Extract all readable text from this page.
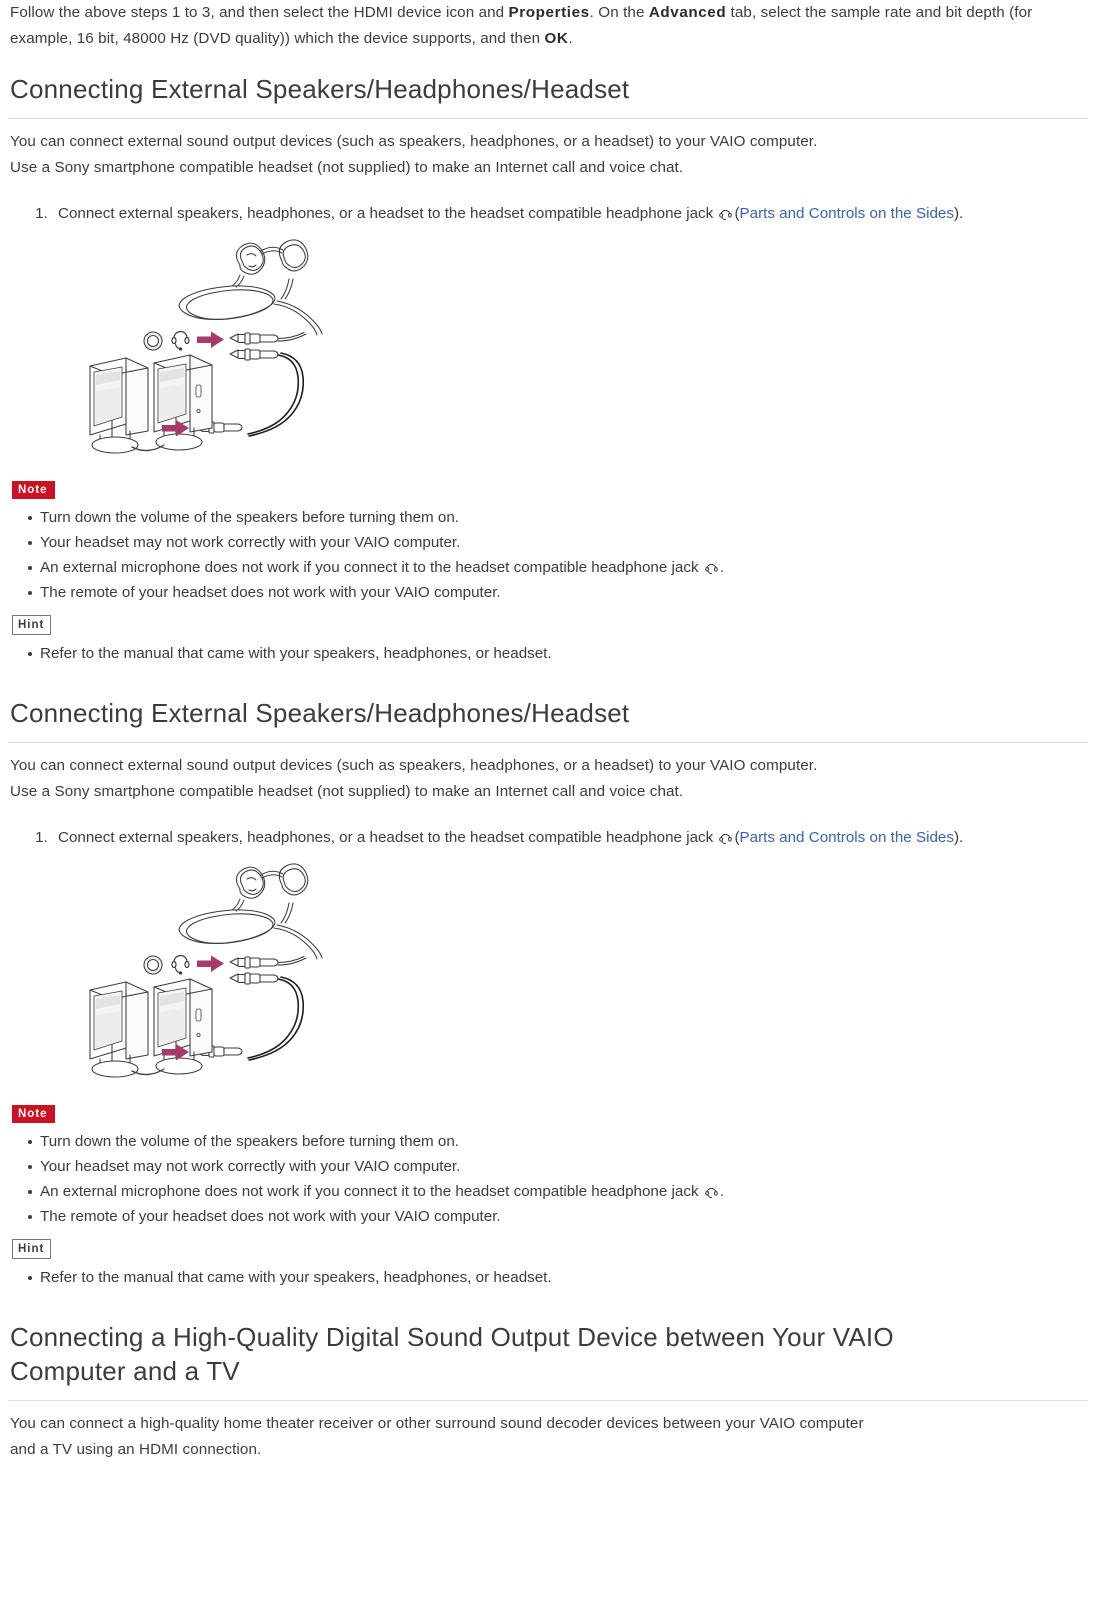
Follow the above steps 1 to 3, and then select the HDMI device icon and Properties. On the Advanced tab, select the sample rate and bit depth (for example, 16 bit, 48000 Hz (DVD quality)) which the device supports, and then OK.

Connecting External Speakers/Headphones/Headset

You can connect external sound output devices (such as speakers, headphones, or a headset) to your VAIO computer.

Use a Sony smartphone compatible headset (not supplied) to make an Internet call and voice chat.

1. Connect external speakers, headphones, or a headset to the headset compatible headphone jack
(Parts and Controls on the Sides).
Note
Turn down the volume of the speakers before turning them on.
Your headset may not work correctly with your VAIO computer.
An external microphone does not work if you connect it to the headset compatible headphone jack
.
The remote of your headset does not work with your VAIO computer.
Hint
Refer to the manual that came with your speakers, headphones, or headset.
Connecting External Speakers/Headphones/Headset

You can connect external sound output devices (such as speakers, headphones, or a headset) to your VAIO computer.

Use a Sony smartphone compatible headset (not supplied) to make an Internet call and voice chat.

1. Connect external speakers, headphones, or a headset to the headset compatible headphone jack
(Parts and Controls on the Sides).
Note
Turn down the volume of the speakers before turning them on.
Your headset may not work correctly with your VAIO computer.
An external microphone does not work if you connect it to the headset compatible headphone jack
.
The remote of your headset does not work with your VAIO computer.
Hint
Refer to the manual that came with your speakers, headphones, or headset.
Connecting a High-Quality Digital Sound Output Device between Your VAIO
Computer and a TV

You can connect a high-quality home theater receiver or other surround sound decoder devices between your VAIO computer

and a TV using an HDMI connection.
